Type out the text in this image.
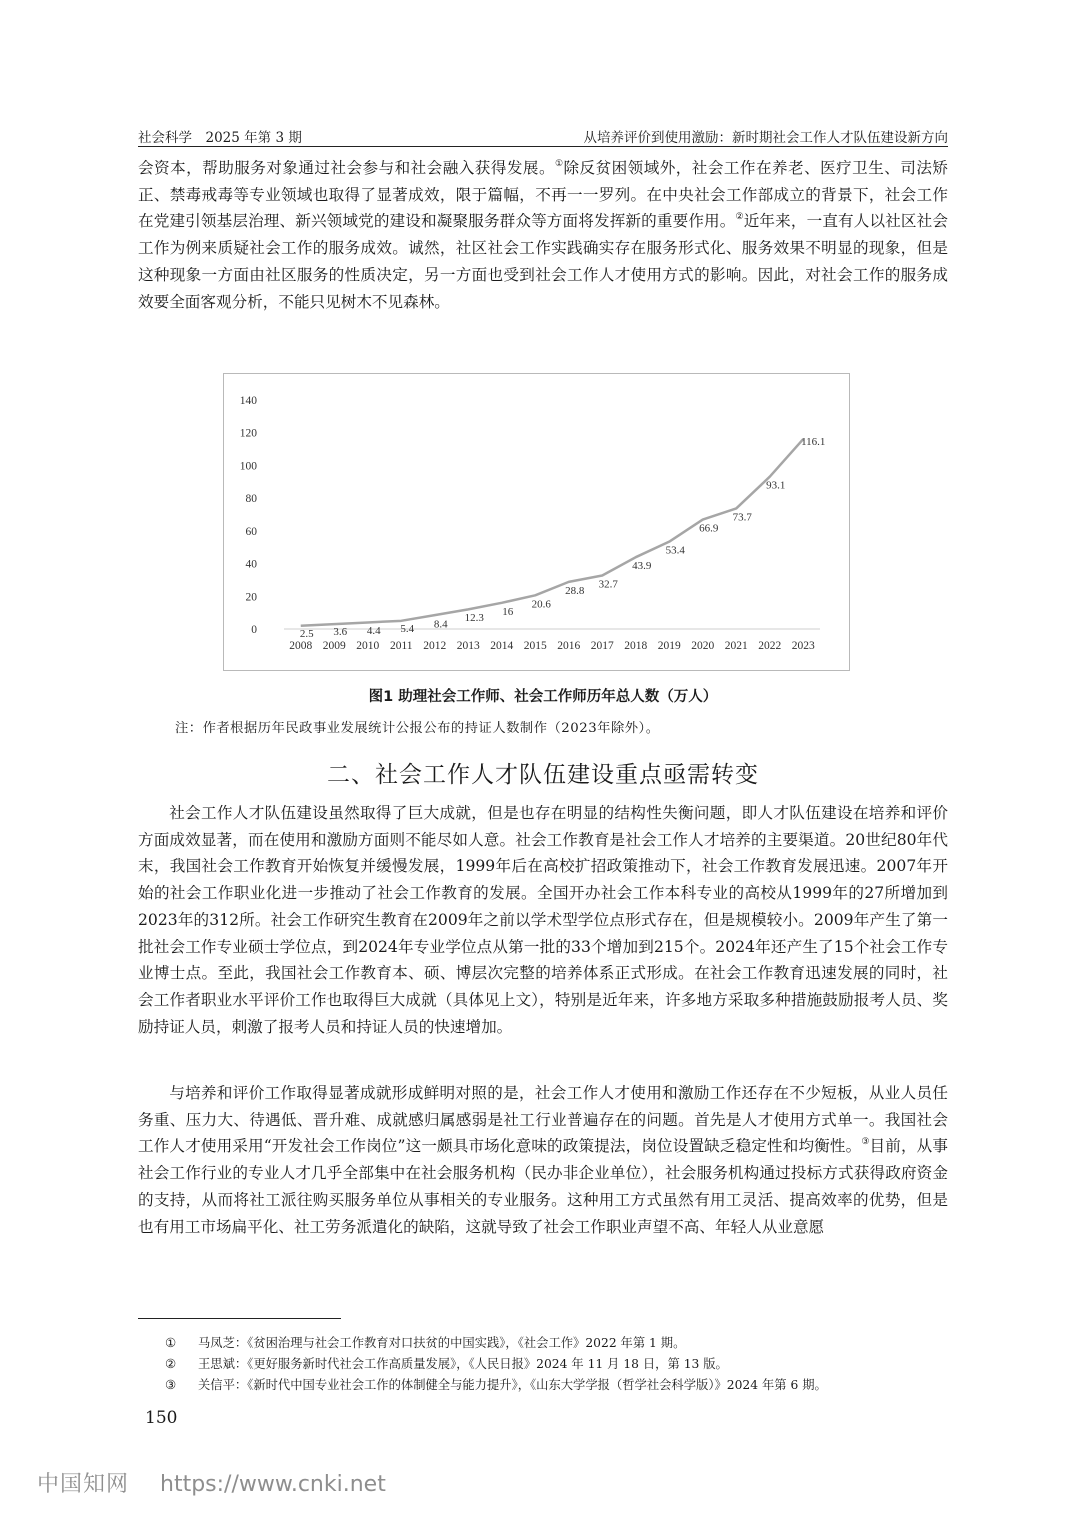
社会科学　2025 年第 3 期	从培养评价到使用激励：新时期社会工作人才队伍建设新方向

会资本，帮助服务对象通过社会参与和社会融入获得发展。①除反贫困领域外，社会工作在养老、医疗卫生、司法矫正、禁毒戒毒等专业领域也取得了显著成效，限于篇幅，不再一一罗列。在中央社会工作部成立的背景下，社会工作在党建引领基层治理、新兴领域党的建设和凝聚服务群众等方面将发挥新的重要作用。②近年来，一直有人以社区社会工作为例来质疑社会工作的服务成效。诚然，社区社会工作实践确实存在服务形式化、服务效果不明显的现象，但是这种现象一方面由社区服务的性质决定，另一方面也受到社会工作人才使用方式的影响。因此，对社会工作的服务成效要全面客观分析，不能只见树木不见森林。

0
20
40
60
80
100
120
140
2008 2009 2010 2011 2012 2013 2014 2015 2016 2017 2018 2019 2020 2021 2022 2023
2.5 3.6 4.4 5.4 8.4
12.3
16
20.6
28.8
32.7
43.9
53.4
66.9
73.7
93.1
116.1
图1 助理社会工作师、社会工作师历年总人数（万人）
注：作者根据历年民政事业发展统计公报公布的持证人数制作（2023年除外）。
二、社会工作人才队伍建设重点亟需转变

社会工作人才队伍建设虽然取得了巨大成就，但是也存在明显的结构性失衡问题，即人才队伍建设在培养和评价方面成效显著，而在使用和激励方面则不能尽如人意。社会工作教育是社会工作人才培养的主要渠道。20世纪80年代末，我国社会工作教育开始恢复并缓慢发展，1999年后在高校扩招政策推动下，社会工作教育发展迅速。2007年开始的社会工作职业化进一步推动了社会工作教育的发展。全国开办社会工作本科专业的高校从1999年的27所增加到2023年的312所。社会工作研究生教育在2009年之前以学术型学位点形式存在，但是规模较小。2009年产生了第一批社会工作专业硕士学位点，到2024年专业学位点从第一批的33个增加到215个。2024年还产生了15个社会工作专业博士点。至此，我国社会工作教育本、硕、博层次完整的培养体系正式形成。在社会工作教育迅速发展的同时，社会工作者职业水平评价工作也取得巨大成就（具体见上文），特别是近年来，许多地方采取多种措施鼓励报考人员、奖励持证人员，刺激了报考人员和持证人员的快速增加。

与培养和评价工作取得显著成就形成鲜明对照的是，社会工作人才使用和激励工作还存在不少短板，从业人员任务重、压力大、待遇低、晋升难、成就感归属感弱是社工行业普遍存在的问题。首先是人才使用方式单一。我国社会工作人才使用采用“开发社会工作岗位”这一颇具市场化意味的政策提法，岗位设置缺乏稳定性和均衡性。③目前，从事社会工作行业的专业人才几乎全部集中在社会服务机构（民办非企业单位），社会服务机构通过投标方式获得政府资金的支持，从而将社工派往购买服务单位从事相关的专业服务。这种用工方式虽然有用工灵活、提高效率的优势，但是也有用工市场扁平化、社工劳务派遣化的缺陷，这就导致了社会工作职业声望不高、年轻人从业意愿

① 马凤芝：《贫困治理与社会工作教育对口扶贫的中国实践》，《社会工作》2022 年第 1 期。
② 王思斌：《更好服务新时代社会工作高质量发展》，《人民日报》2024 年 11 月 18 日，第 13 版。
③ 关信平：《新时代中国专业社会工作的体制健全与能力提升》，《山东大学学报（哲学社会科学版）》2024 年第 6 期。
150
中国知网 https://www.cnki.net
